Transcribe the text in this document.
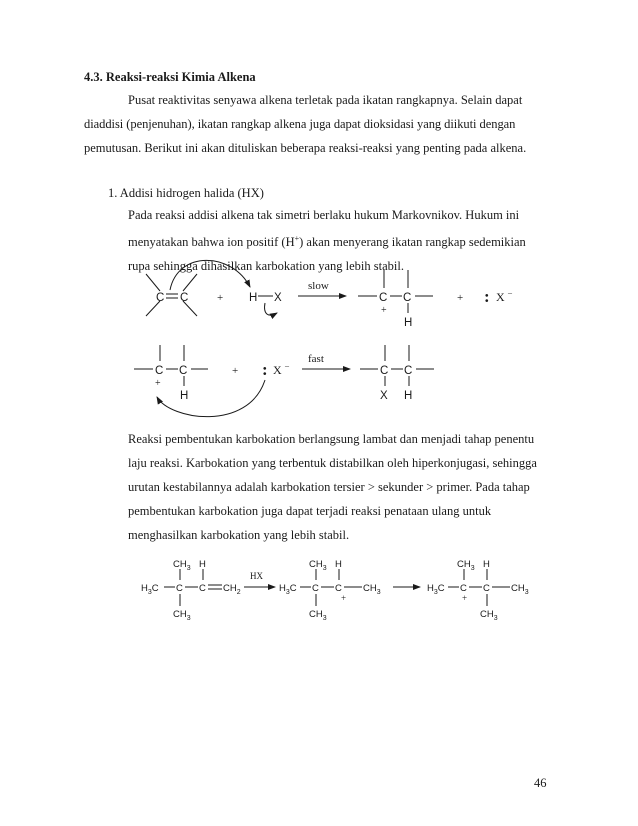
4.3. Reaksi-reaksi Kimia Alkena
Pusat reaktivitas senyawa alkena terletak pada ikatan rangkapnya. Selain dapat
diaddisi (penjenuhan), ikatan rangkap alkena juga dapat dioksidasi yang diikuti dengan
pemutusan. Berikut ini akan dituliskan beberapa reaksi-reaksi yang penting pada alkena.
1. Addisi hidrogen halida (HX)
Pada reaksi addisi alkena tak simetri berlaku hukum Markovnikov. Hukum ini
menyatakan bahwa ion positif (H+) akan menyerang ikatan rangkap sedemikian
rupa sehingga dihasilkan karbokation yang lebih stabil.
Reaksi pembentukan karbokation berlangsung lambat dan menjadi tahap penentu
laju reaksi. Karbokation yang terbentuk distabilkan oleh hiperkonjugasi, sehingga
urutan kestabilannya adalah karbokation tersier > sekunder > primer. Pada tahap
pembentukan karbokation juga dapat terjadi reaksi penataan ulang untuk
menghasilkan karbokation yang lebih stabil.
C C	+ H X
slow
C C
+
H
+ : X –
C C
+
H
+ : X –
fast
C C
X H
$CH_3$ H
$H_3C$ C C $CH_2$
$CH_3$
HX
$CH_3$ H
$H_3C$ C C $CH_3$
+
$CH_3$
$CH_3$ H
$H_3C$ C C $CH_3$
+
$CH_3$
46
